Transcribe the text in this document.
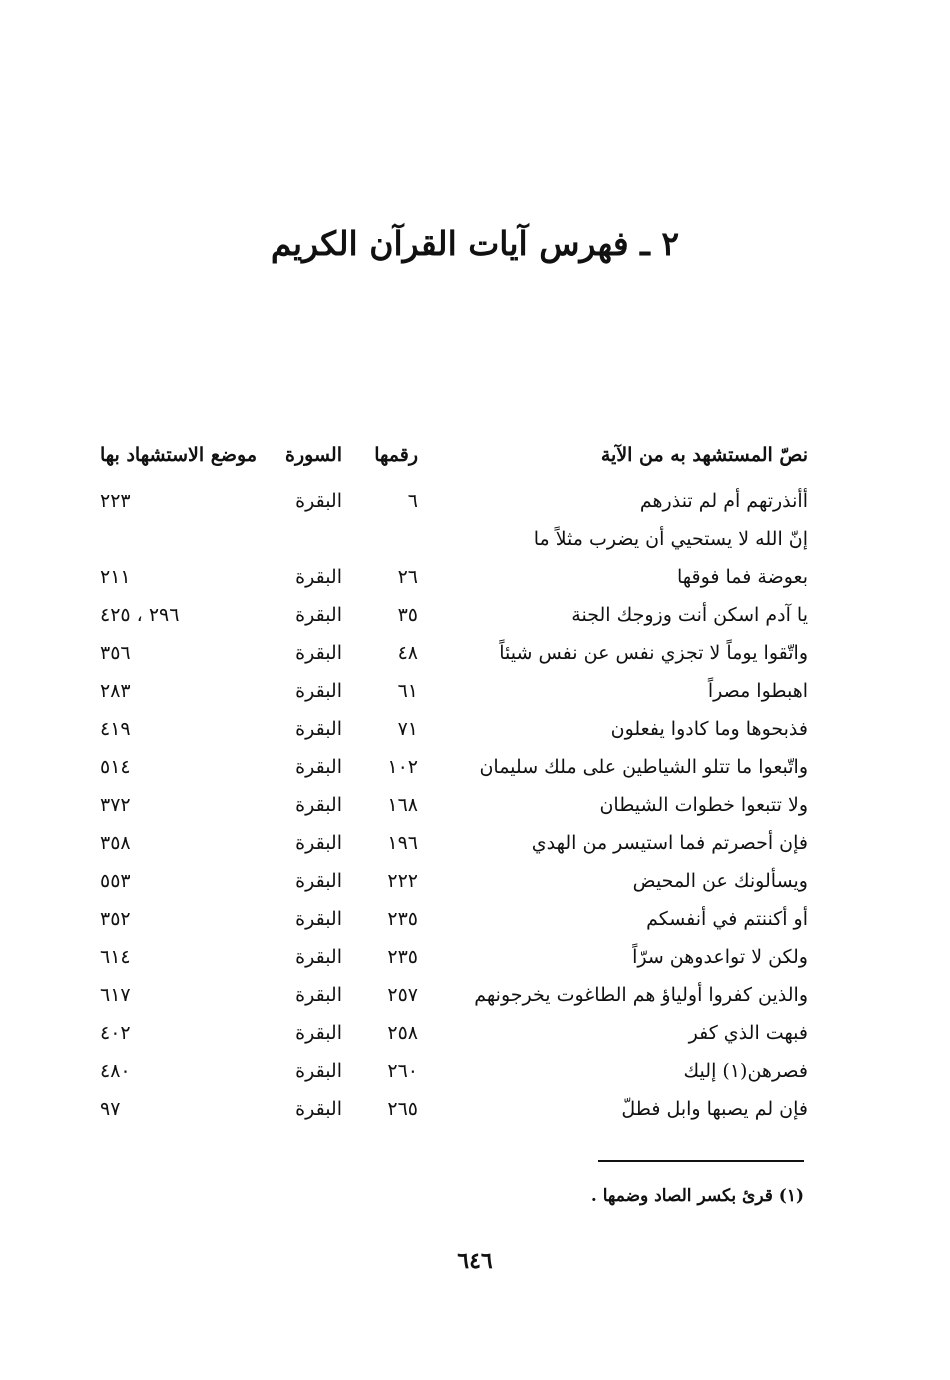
٢ ـ فهرس آيات القرآن الكريم
نصّ المستشهد به من الآية
رقمها
السورة
موضع الاستشهاد بها
أأنذرتهم أم لم تنذرهم
٦
البقرة
٢٢٣
إنّ الله لا يستحيي أن يضرب مثلاً ما
بعوضة فما فوقها
٢٦
البقرة
٢١١
يا آدم اسكن أنت وزوجك الجنة
٣٥
البقرة
٢٩٦ ، ٤٢٥
واتّقوا يوماً لا تجزي نفس عن نفس شيئاً
٤٨
البقرة
٣٥٦
اهبطوا مصراً
٦١
البقرة
٢٨٣
فذبحوها وما كادوا يفعلون
٧١
البقرة
٤١٩
واتّبعوا ما تتلو الشياطين على ملك سليمان
١٠٢
البقرة
٥١٤
ولا تتبعوا خطوات الشيطان
١٦٨
البقرة
٣٧٢
فإن أحصرتم فما استيسر من الهدي
١٩٦
البقرة
٣٥٨
ويسألونك عن المحيض
٢٢٢
البقرة
٥٥٣
أو أكننتم في أنفسكم
٢٣٥
البقرة
٣٥٢
ولكن لا تواعدوهن سرّاً
٢٣٥
البقرة
٦١٤
والذين كفروا أولياؤ هم الطاغوت يخرجونهم
٢٥٧
البقرة
٦١٧
فبهت الذي كفر
٢٥٨
البقرة
٤٠٢
فصرهن(١) إليك
٢٦٠
البقرة
٤٨٠
فإن لم يصبها وابل فطلّ
٢٦٥
البقرة
٩٧
(١) قرئ بكسر الصاد وضمها .
٦٤٦
